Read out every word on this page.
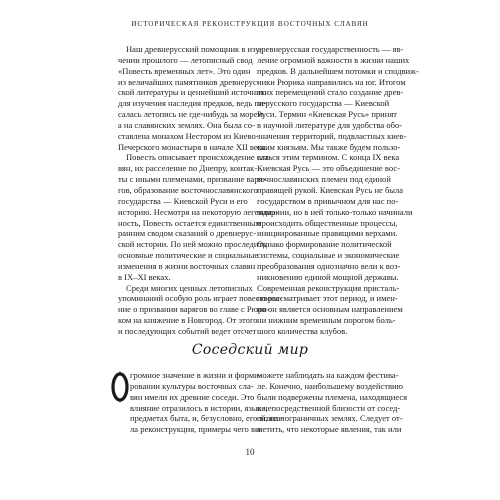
ИСТОРИЧЕСКАЯ РЕКОНСТРУКЦИЯ ВОСТОЧНЫХ СЛАВЯН
Наш древнерусский помощник в изу-
чении прошлого — летописный свод
«Повесть временных лет». Это один
из величайших памятников древнерус-
ской литературы и ценнейший источник
для изучения наследия предков, ведь пи-
салась летопись не где-нибудь за морем,
а на славянских землях. Она была со-
ставлена монахом Нестором из Киево-
Печерского монастыря в начале XII века.
Повесть описывает происхождение сла-
вян, их расселение по Днепру, контак-
ты с иными племенами, призвание варя-
гов, образование восточнославянского
государства — Киевской Руси и его
историю. Несмотря на некоторую легендар-
ность, Повесть остается единственным
ранним сводом сказаний о древнерус-
ской истории. По ней можно проследить
основные политические и социальные
изменения в жизни восточных славян
в IX–XI веках.
Среди многих ценных летописных
упоминаний особую роль играет повествова-
ние о призвании варягов во главе с Рюри-
ком на княжение в Новгород. От этого
и последующих событий ведет отсчет
древнерусская государственность — яв-
ление огромной важности в жизни наших
предков. В дальнейшем потомки и сподвиж-
ники Рюрика направились на юг. Итогом
этих перемещений стало создание древ-
нерусского государства — Киевской
Руси. Термин «Киевская Русь» принят
в научной литературе для удобства обо-
значения территорий, подвластных киев-
ским князьям. Мы также будем пользо-
ваться этим термином. С конца IX века
Киевская Русь — это объединение вос-
точнославянских племен под единой
правящей рукой. Киевская Русь не была
государством в привычном для нас по-
нимании, но в ней только-только начинали
происходить общественные процессы,
инициированные правящими верхами.
Однако формирование политической
системы, социальные и экономические
преобразования однозначно вели к воз-
никновению единой мощной державы.
Современная реконструкция присталь-
но рассматривает этот период, и имен-
но он является основным направлением
ни нижним временным порогом боль-
шого количества клубов.
Соседский мир
О громное значение в жизни и форми-
ровании культуры восточных сла-
вян имели их древние соседи. Это
влияние отразилось в истории, языке,
предметах быта, и, безусловно, его впита-
ла реконструкция, примеры чего вы
можете наблюдать на каждом фестива-
ле. Конечно, наибольшему воздействию
были подвержены племена, находящиеся
в непосредственной близости от сосед-
ей, на пограничных землях. Следует от-
метить, что некоторые явления, так или
10
